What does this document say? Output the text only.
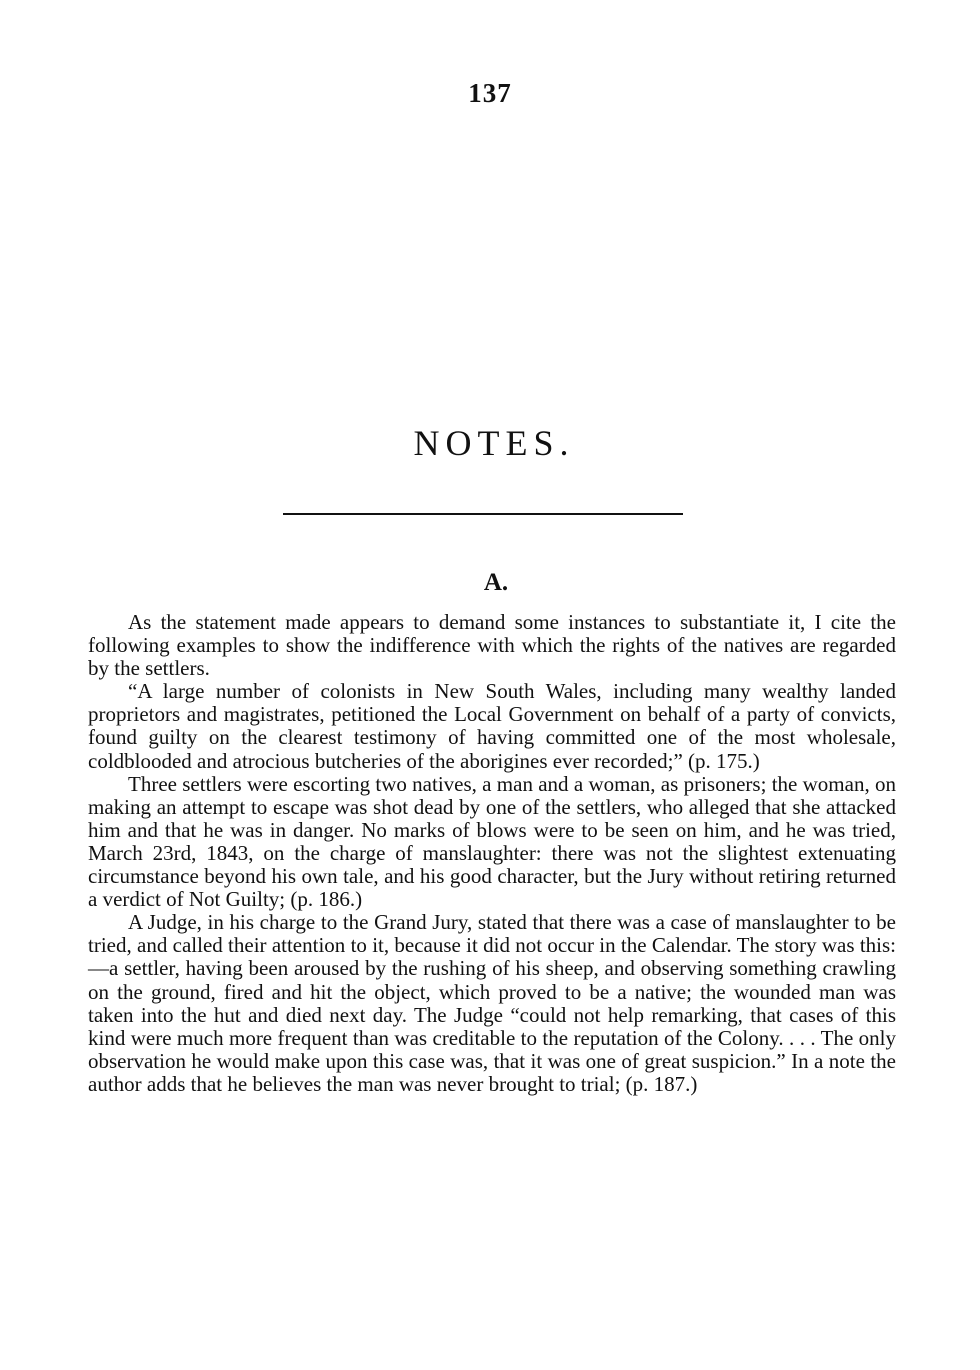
137
NOTES.
A.

As the statement made appears to demand some instances to substantiate it, I cite the following examples to show the indifference with which the rights of the natives are regarded by the settlers.

“A large number of colonists in New South Wales, including many wealthy landed proprietors and magistrates, petitioned the Local Government on behalf of a party of convicts, found guilty on the clearest testimony of having committed one of the most wholesale, coldblooded and atrocious butcheries of the aborigines ever recorded;” (p. 175.)

Three settlers were escorting two natives, a man and a woman, as prisoners; the woman, on making an attempt to escape was shot dead by one of the settlers, who alleged that she attacked him and that he was in danger. No marks of blows were to be seen on him, and he was tried, March 23rd, 1843, on the charge of manslaughter: there was not the slightest extenuating circumstance beyond his own tale, and his good character, but the Jury without retiring returned a verdict of Not Guilty; (p. 186.)

A Judge, in his charge to the Grand Jury, stated that there was a case of manslaughter to be tried, and called their attention to it, because it did not occur in the Calendar. The story was this:—a settler, having been aroused by the rushing of his sheep, and observing something crawling on the ground, fired and hit the object, which proved to be a native; the wounded man was taken into the hut and died next day. The Judge “could not help remarking, that cases of this kind were much more frequent than was creditable to the reputation of the Colony. . . . The only observation he would make upon this case was, that it was one of great suspicion.” In a note the author adds that he believes the man was never brought to trial; (p. 187.)
